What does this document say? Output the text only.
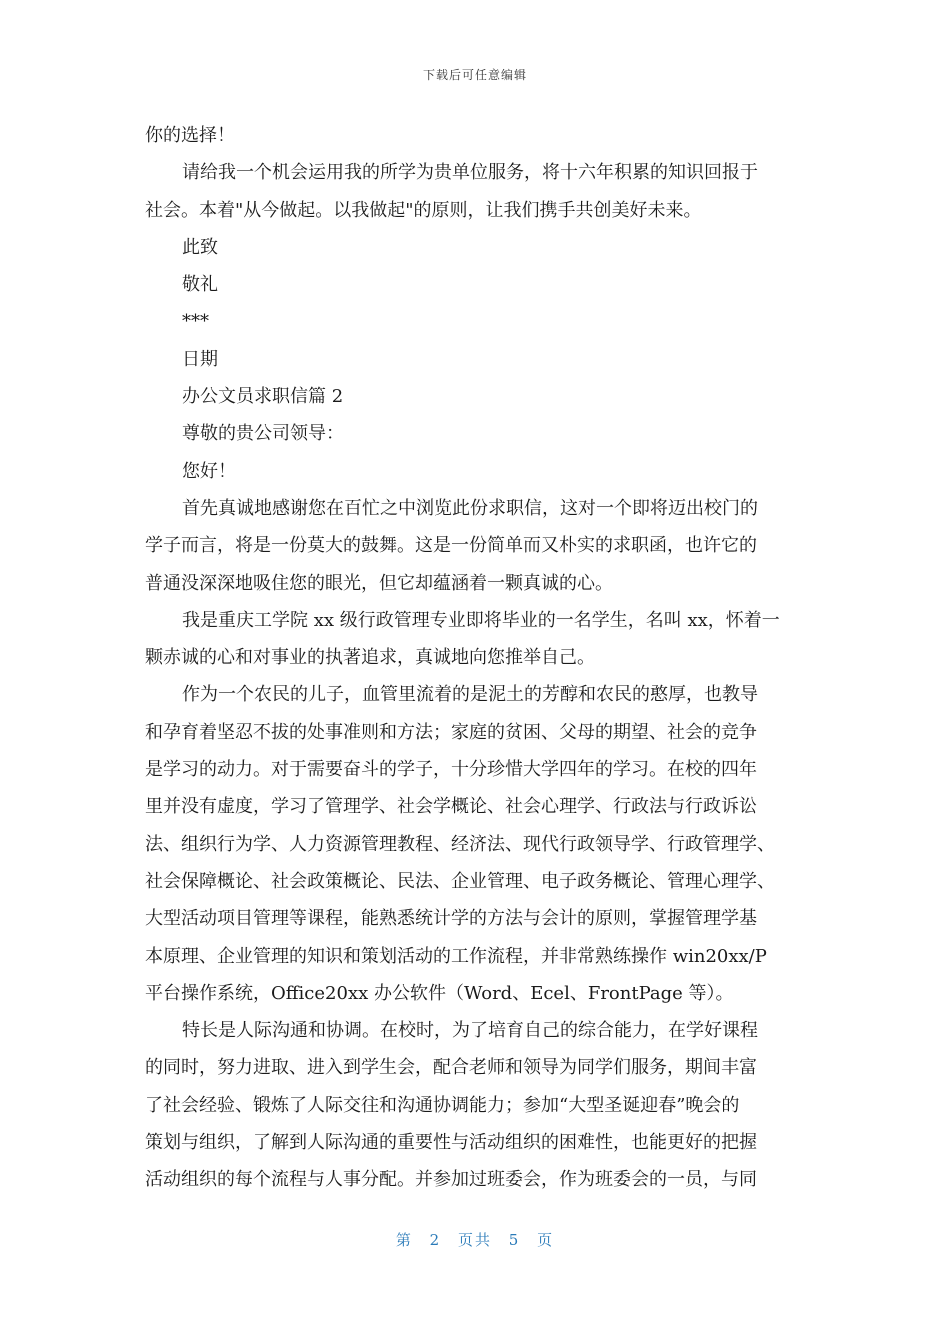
下载后可任意编辑
你的选择！
请给我一个机会运用我的所学为贵单位服务，将十六年积累的知识回报于
社会。本着"从今做起。以我做起"的原则，让我们携手共创美好未来。
此致
敬礼
***
日期
办公文员求职信篇 2
尊敬的贵公司领导：
您好！
首先真诚地感谢您在百忙之中浏览此份求职信，这对一个即将迈出校门的
学子而言，将是一份莫大的鼓舞。这是一份简单而又朴实的求职函，也许它的
普通没深深地吸住您的眼光，但它却蕴涵着一颗真诚的心。
我是重庆工学院 xx 级行政管理专业即将毕业的一名学生，名叫 xx，怀着一
颗赤诚的心和对事业的执著追求，真诚地向您推举自己。
作为一个农民的儿子，血管里流着的是泥土的芳醇和农民的憨厚，也教导
和孕育着坚忍不拔的处事准则和方法；家庭的贫困、父母的期望、社会的竞争
是学习的动力。对于需要奋斗的学子，十分珍惜大学四年的学习。在校的四年
里并没有虚度，学习了管理学、社会学概论、社会心理学、行政法与行政诉讼
法、组织行为学、人力资源管理教程、经济法、现代行政领导学、行政管理学、
社会保障概论、社会政策概论、民法、企业管理、电子政务概论、管理心理学、
大型活动项目管理等课程，能熟悉统计学的方法与会计的原则，掌握管理学基
本原理、企业管理的知识和策划活动的工作流程，并非常熟练操作 win20xx/P
平台操作系统，Office20xx 办公软件（Word、Ecel、FrontPage 等）。
特长是人际沟通和协调。在校时，为了培育自己的综合能力，在学好课程
的同时，努力进取、进入到学生会，配合老师和领导为同学们服务，期间丰富
了社会经验、锻炼了人际交往和沟通协调能力；参加“大型圣诞迎春”晚会的
策划与组织，了解到人际沟通的重要性与活动组织的困难性，也能更好的把握
活动组织的每个流程与人事分配。并参加过班委会，作为班委会的一员，与同
第 2 页共 5 页
